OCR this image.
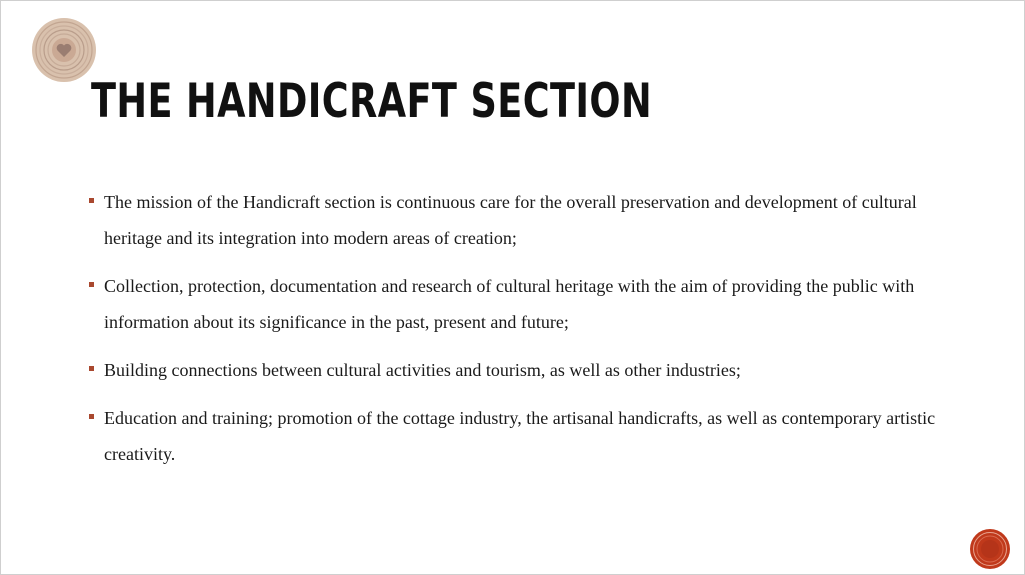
THE HANDICRAFT SECTION
The mission of the Handicraft section is continuous care for the overall preservation and development of cultural heritage and its integration into modern areas of creation;
Collection, protection, documentation and research of cultural heritage with the aim of providing the public with information about its significance in the past, present and future;
Building connections between cultural activities and tourism, as well as other industries;
Education and training; promotion of the cottage industry, the artisanal handicrafts, as well as contemporary artistic creativity.
